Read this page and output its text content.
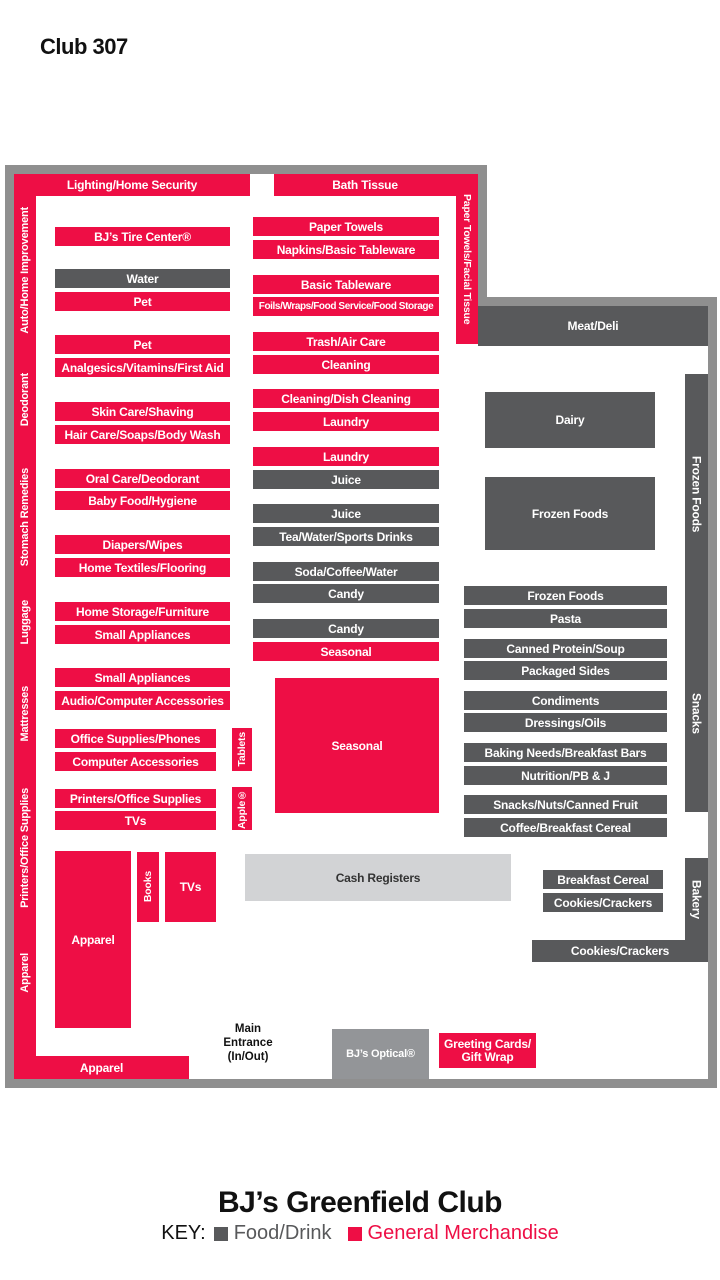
Club 307
Lighting/Home Security	Bath Tissue
Paper Towels/Facial Tissue
Meat/Deli
Auto/Home Improvement
Deodorant
Stomach Remedies
Luggage
Mattresses
Printers/Office Supplies
Apparel
Apparel
BJ’s Tire Center®
Water
Pet
Pet
Analgesics/Vitamins/First Aid
Skin Care/Shaving
Hair Care/Soaps/Body Wash
Oral Care/Deodorant
Baby Food/Hygiene
Diapers/Wipes
Home Textiles/Flooring
Home Storage/Furniture
Small Appliances
Small Appliances
Audio/Computer Accessories
Office Supplies/Phones
Computer Accessories	Tablets
Printers/Office Supplies
TVs	Apple®
Apparel
Books	TVs
Paper Towels
Napkins/Basic Tableware
Basic Tableware
Foils/Wraps/Food Service/Food Storage
Trash/Air Care
Cleaning
Cleaning/Dish Cleaning
Laundry
Laundry
Juice
Juice
Tea/Water/Sports Drinks
Soda/Coffee/Water
Candy
Candy
Seasonal
Seasonal
Cash Registers
Dairy
Frozen Foods	Frozen Foods
Snacks
Frozen Foods
Pasta
Canned Protein/Soup
Packaged Sides
Condiments
Dressings/Oils
Baking Needs/Breakfast Bars
Nutrition/PB & J
Snacks/Nuts/Canned Fruit
Coffee/Breakfast Cereal
Breakfast Cereal
Cookies/Crackers	Bakery
Cookies/Crackers
BJ’s Optical®
Greeting Cards/
Gift Wrap
Main
Entrance
(In/Out)
BJ’s Greenfield Club
KEY: Food/Drink General Merchandise
